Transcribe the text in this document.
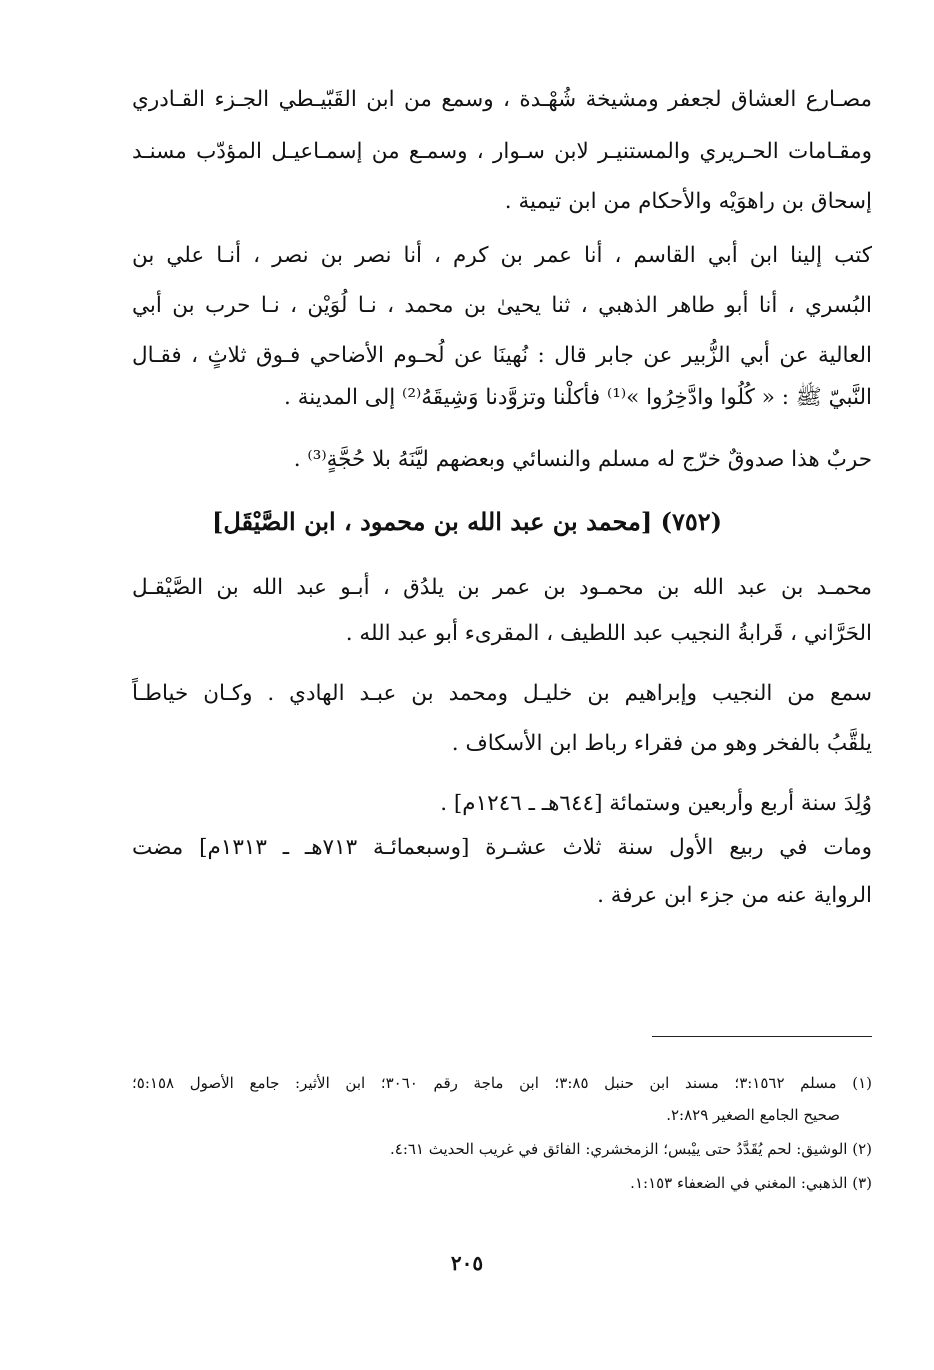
مصـارع العشاق لجعفر ومشيخة شُهْـدة ، وسمع من ابن القَبّيـطي الجـزء القـادري
ومقـامات الحـريري والمستنيـر لابن سـوار ، وسمـع من إسمـاعيـل المؤدّب مسنـد
إسحاق بن راهوَيْه والأحكام من ابن تيمية .
كتب إلينا ابن أبي القاسم ، أنا عمر بن كرم ، أنا نصر بن نصر ، أنـا علي بن
البُسري ، أنا أبو طاهر الذهبي ، ثنا يحيىٰ بن محمد ، نـا لُوَيْن ، نـا حرب بن أبي
العالية عن أبي الزُّبير عن جابر قال : نُهينَا عن لُحـوم الأضاحي فـوق ثلاثٍ ، فقـال
النَّبيّ ﷺ : « كُلُوا وادَّخِرُوا »⁽¹⁾ فأكلْنا وتزوَّدنا وَشِيقَهُ⁽²⁾ إلى المدينة .
حربٌ هذا صدوقٌ خرّج له مسلم والنسائي وبعضهم ليَّنَهُ بلا حُجَّةٍ⁽³⁾ .
(٧٥٢) [محمد بن عبد الله بن محمود ، ابن الصَّيْقَل]
محمـد بن عبد الله بن محمـود بن عمر بن يلدُق ، أبـو عبد الله بن الصَّيْقـل
الحَرَّاني ، قَرابةُ النجيب عبد اللطيف ، المقرىء أبو عبد الله .
سمع من النجيب وإبراهيم بن خليـل ومحمد بن عبـد الهادي . وكـان خياطـاً
يلقَّبُ بالفخر وهو من فقراء رباط ابن الأسكاف .
وُلِدَ سنة أربع وأربعين وستمائة [٦٤٤هـ ـ ١٢٤٦م] .
ومات في ربيع الأول سنة ثلاث عشـرة [وسبعمائـة ٧١٣هـ ـ ١٣١٣م] مضت
الرواية عنه من جزء ابن عرفة .
(١) مسلم ٣:١٥٦٢؛ مسند ابن حنبل ٣:٨٥؛ ابن ماجة رقم ٣٠٦٠؛ ابن الأثير: جامع الأصول ٥:١٥٨؛
صحيح الجامع الصغير ٢:٨٢٩.
(٢) الوشيق: لحم يُقَدَّدُ حتى ييْبس؛ الزمخشري: الفائق في غريب الحديث ٤:٦١.
(٣) الذهبي: المغني في الضعفاء ١:١٥٣.
٢٠٥
